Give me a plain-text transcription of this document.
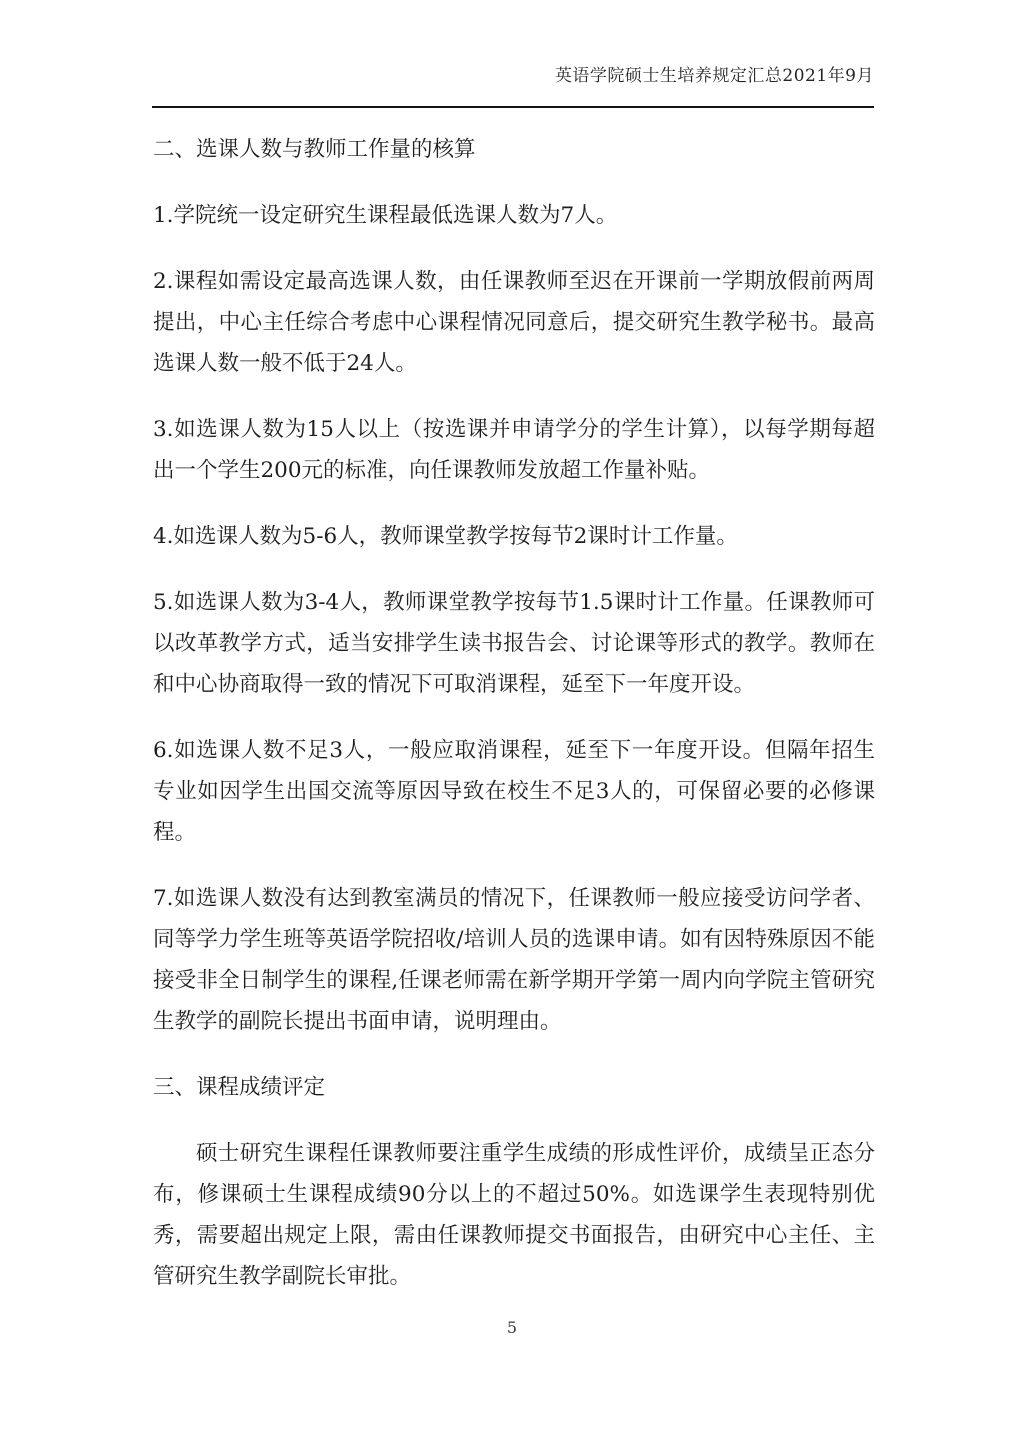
英语学院硕士生培养规定汇总2021年9月

二、选课人数与教师工作量的核算

1.学院统一设定研究生课程最低选课人数为7人。

2.课程如需设定最高选课人数，由任课教师至迟在开课前一学期放假前两周提出，中心主任综合考虑中心课程情况同意后，提交研究生教学秘书。最高选课人数一般不低于24人。

3.如选课人数为15人以上（按选课并申请学分的学生计算），以每学期每超出一个学生200元的标准，向任课教师发放超工作量补贴。

4.如选课人数为5-6人，教师课堂教学按每节2课时计工作量。

5.如选课人数为3-4人，教师课堂教学按每节1.5课时计工作量。任课教师可以改革教学方式，适当安排学生读书报告会、讨论课等形式的教学。教师在和中心协商取得一致的情况下可取消课程，延至下一年度开设。

6.如选课人数不足3人，一般应取消课程，延至下一年度开设。但隔年招生专业如因学生出国交流等原因导致在校生不足3人的，可保留必要的必修课程。

7.如选课人数没有达到教室满员的情况下，任课教师一般应接受访问学者、同等学力学生班等英语学院招收/培训人员的选课申请。如有因特殊原因不能接受非全日制学生的课程,任课老师需在新学期开学第一周内向学院主管研究生教学的副院长提出书面申请，说明理由。

三、课程成绩评定

硕士研究生课程任课教师要注重学生成绩的形成性评价，成绩呈正态分布，修课硕士生课程成绩90分以上的不超过50%。如选课学生表现特别优秀，需要超出规定上限，需由任课教师提交书面报告，由研究中心主任、主管研究生教学副院长审批。

5
